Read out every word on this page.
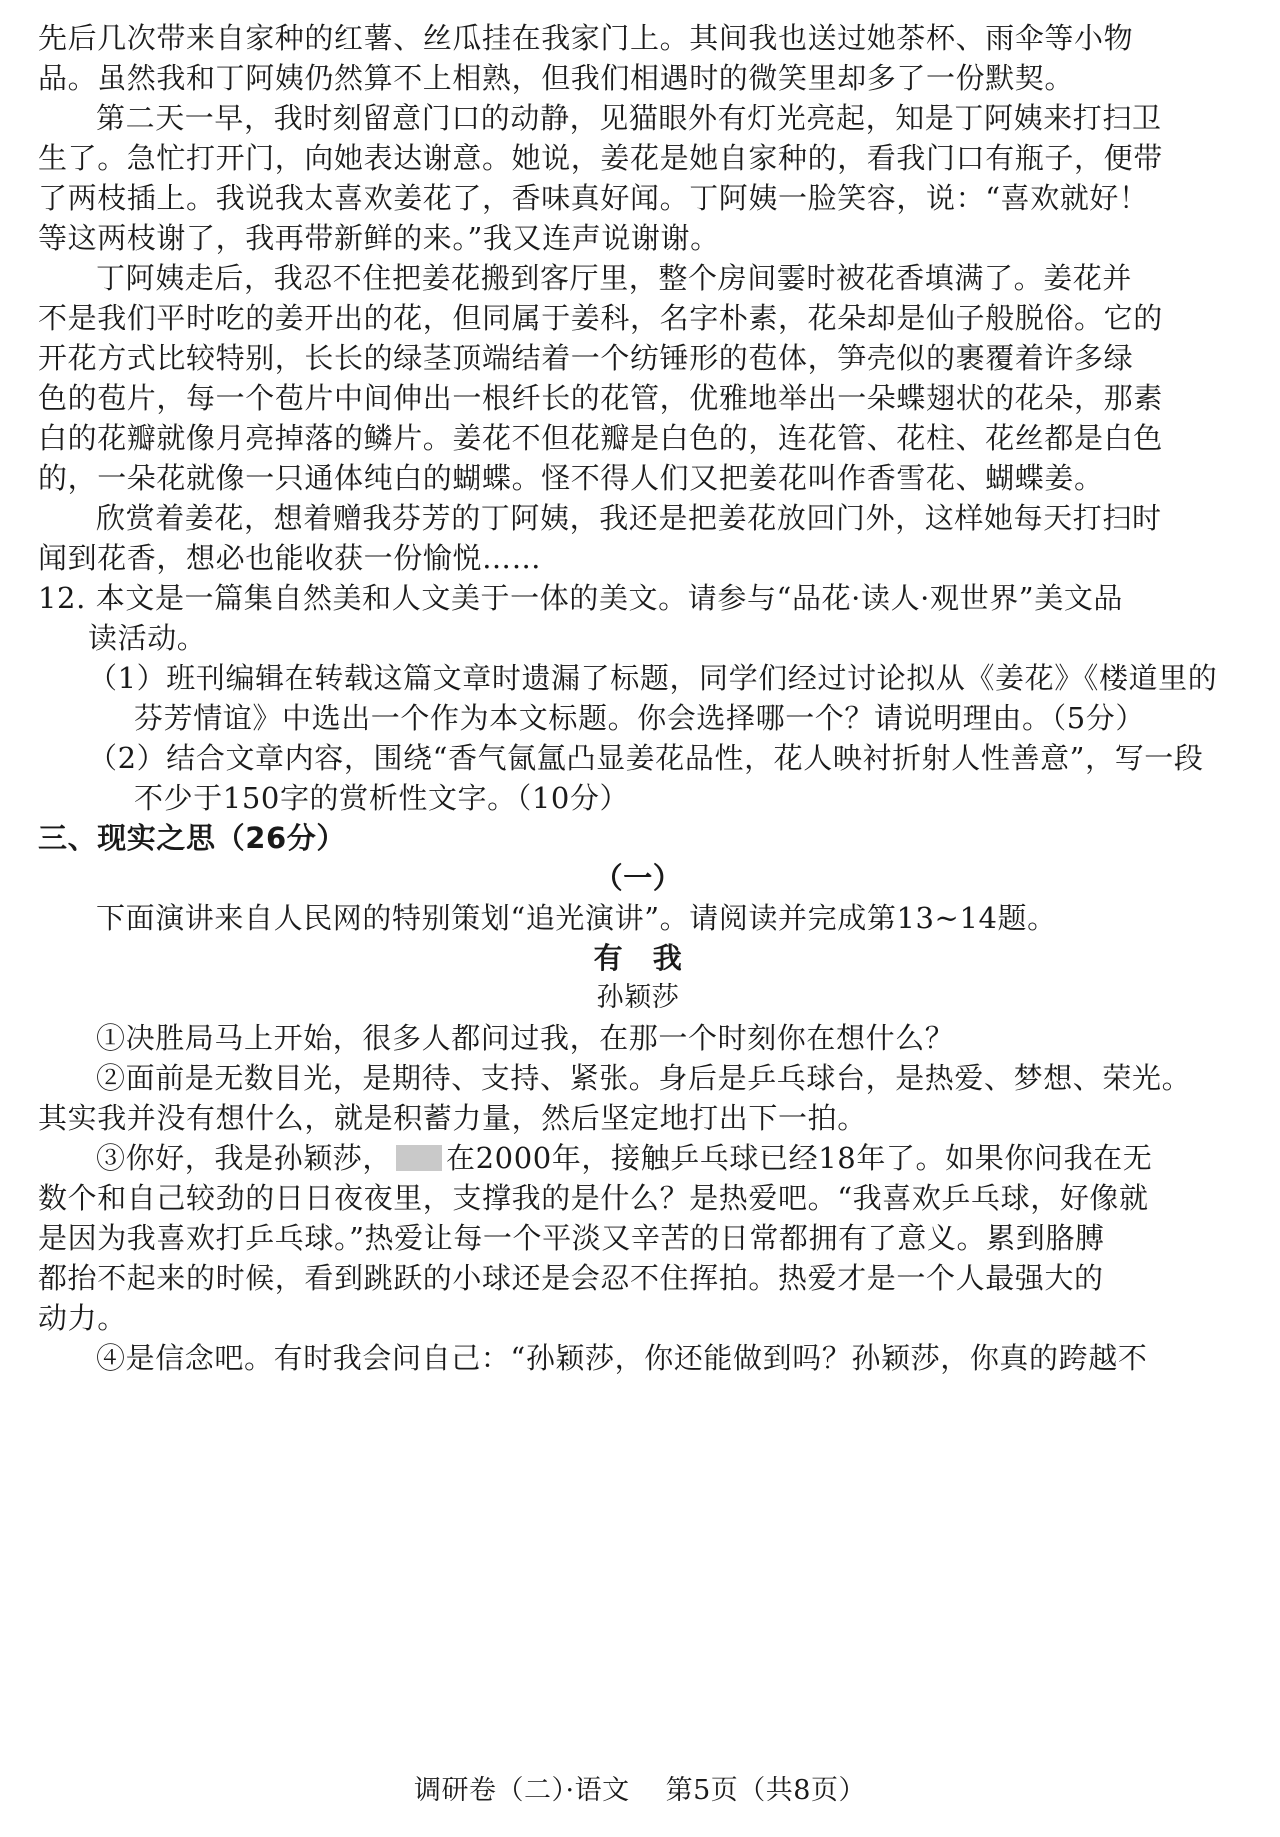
先后几次带来自家种的红薯、丝瓜挂在我家门上。其间我也送过她茶杯、雨伞等小物
品。虽然我和丁阿姨仍然算不上相熟，但我们相遇时的微笑里却多了一份默契。
第二天一早，我时刻留意门口的动静，见猫眼外有灯光亮起，知是丁阿姨来打扫卫
生了。急忙打开门，向她表达谢意。她说，姜花是她自家种的，看我门口有瓶子，便带
了两枝插上。我说我太喜欢姜花了，香味真好闻。丁阿姨一脸笑容，说：“喜欢就好！
等这两枝谢了，我再带新鲜的来。”我又连声说谢谢。
丁阿姨走后，我忍不住把姜花搬到客厅里，整个房间霎时被花香填满了。姜花并
不是我们平时吃的姜开出的花，但同属于姜科，名字朴素，花朵却是仙子般脱俗。它的
开花方式比较特别，长长的绿茎顶端结着一个纺锤形的苞体，笋壳似的裹覆着许多绿
色的苞片，每一个苞片中间伸出一根纤长的花管，优雅地举出一朵蝶翅状的花朵，那素
白的花瓣就像月亮掉落的鳞片。姜花不但花瓣是白色的，连花管、花柱、花丝都是白色
的，一朵花就像一只通体纯白的蝴蝶。怪不得人们又把姜花叫作香雪花、蝴蝶姜。
欣赏着姜花，想着赠我芬芳的丁阿姨，我还是把姜花放回门外，这样她每天打扫时
闻到花香，想必也能收获一份愉悦……
12. 本文是一篇集自然美和人文美于一体的美文。请参与“品花·读人·观世界”美文品
读活动。
（1）班刊编辑在转载这篇文章时遗漏了标题，同学们经过讨论拟从《姜花》《楼道里的
芬芳情谊》中选出一个作为本文标题。你会选择哪一个？请说明理由。（5分）
（2）结合文章内容，围绕“香气氤氲凸显姜花品性，花人映衬折射人性善意”，写一段
不少于150字的赏析性文字。（10分）
三、现实之思（26分）
（一）
下面演讲来自人民网的特别策划“追光演讲”。请阅读并完成第13~14题。
有　我
孙颖莎
①决胜局马上开始，很多人都问过我，在那一个时刻你在想什么？
②面前是无数目光，是期待、支持、紧张。身后是乒乓球台，是热爱、梦想、荣光。
其实我并没有想什么，就是积蓄力量，然后坚定地打出下一拍。
③你好，我是孙颖莎， 在2000年，接触乒乓球已经18年了。如果你问我在无
数个和自己较劲的日日夜夜里，支撑我的是什么？是热爱吧。“我喜欢乒乓球，好像就
是因为我喜欢打乒乓球。”热爱让每一个平淡又辛苦的日常都拥有了意义。累到胳膊
都抬不起来的时候，看到跳跃的小球还是会忍不住挥拍。热爱才是一个人最强大的
动力。
④是信念吧。有时我会问自己：“孙颖莎，你还能做到吗？孙颖莎，你真的跨越不
调研卷（二）·语文 第5页（共8页）
